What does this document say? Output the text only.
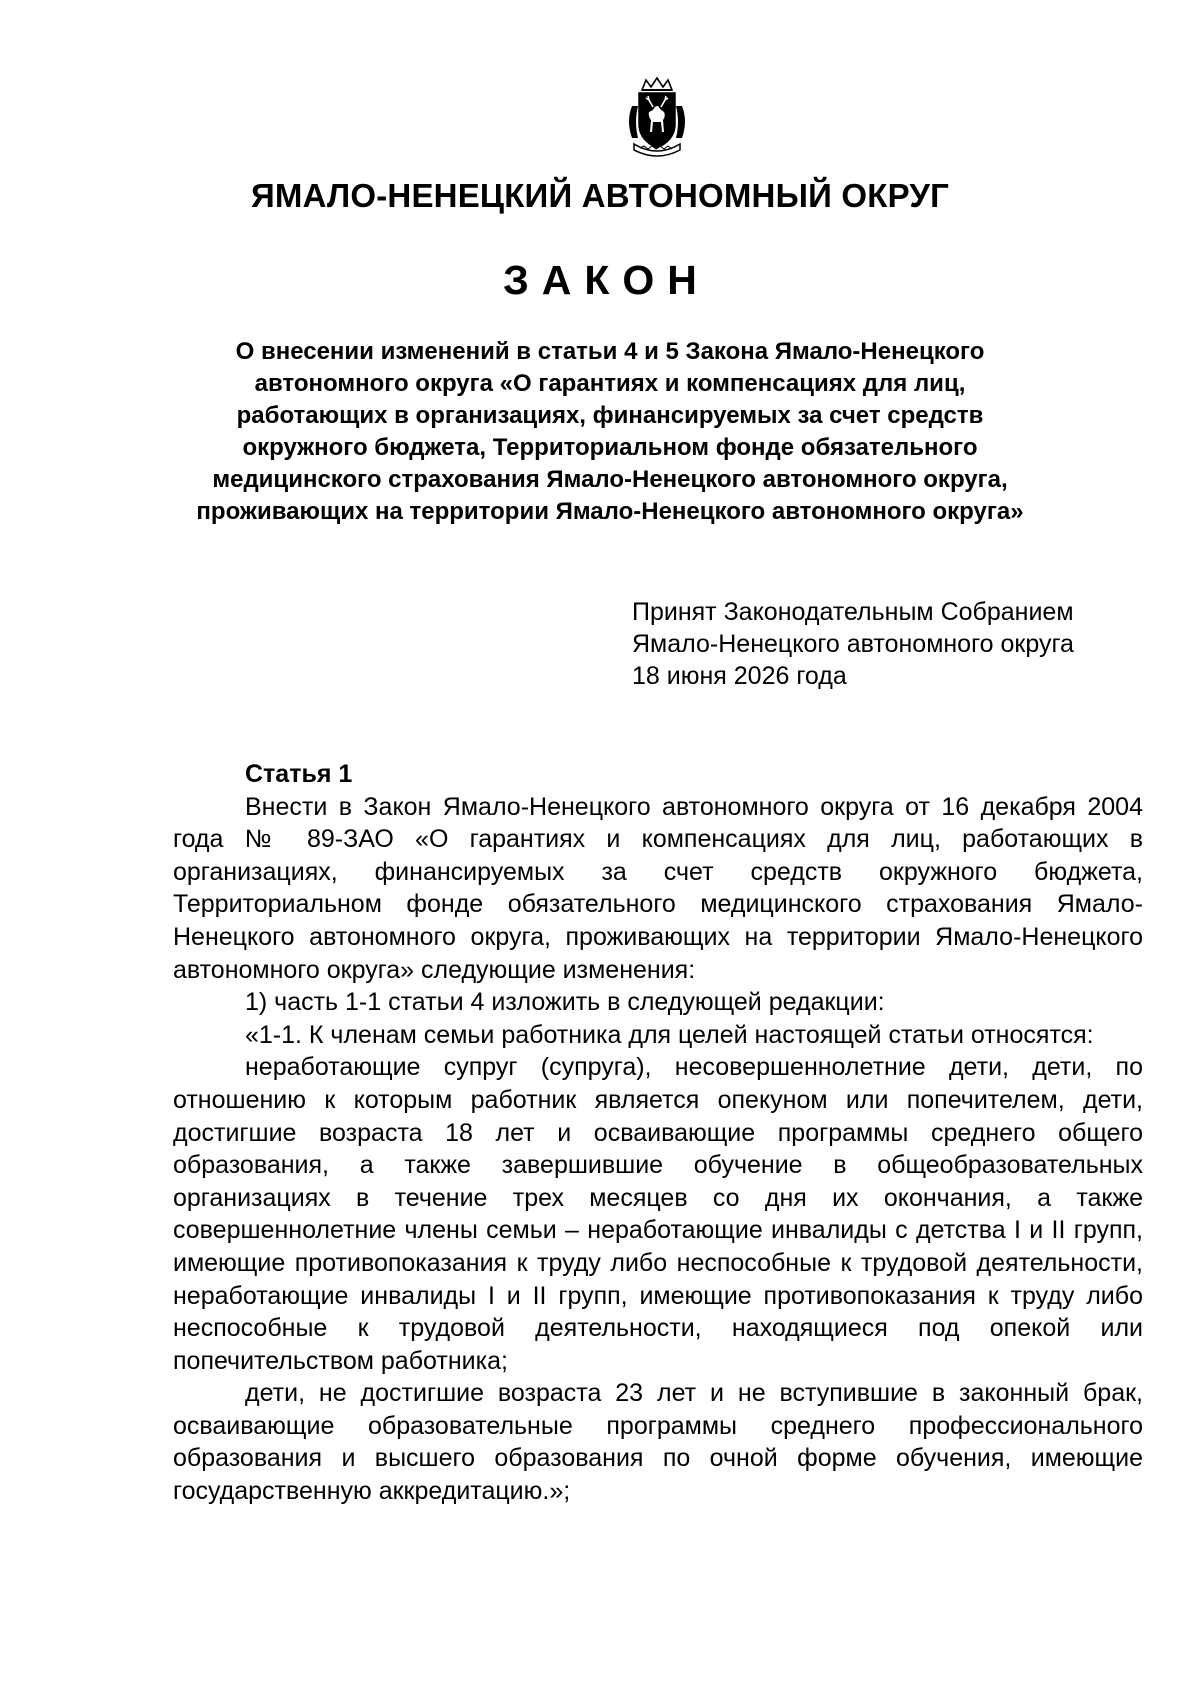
ЯМАЛО-НЕНЕЦКИЙ АВТОНОМНЫЙ ОКРУГ
ЗАКОН
О внесении изменений в статьи 4 и 5 Закона Ямало-Ненецкого
автономного округа «О гарантиях и компенсациях для лиц,
работающих в организациях, финансируемых за счет средств
окружного бюджета, Территориальном фонде обязательного
медицинского страхования Ямало-Ненецкого автономного округа,
проживающих на территории Ямало-Ненецкого автономного округа»
Принят Законодательным Собранием
Ямало-Ненецкого автономного округа
18 июня 2026 года

Статья 1

Внести в Закон Ямало-Ненецкого автономного округа от 16 декабря 2004 года № 89-ЗАО «О гарантиях и компенсациях для лиц, работающих в организациях, финансируемых за счет средств окружного бюджета, Территориальном фонде обязательного медицинского страхования Ямало-Ненецкого автономного округа, проживающих на территории Ямало-Ненецкого автономного округа» следующие изменения:

1) часть 1-1 статьи 4 изложить в следующей редакции:

«1-1. К членам семьи работника для целей настоящей статьи относятся:

неработающие супруг (супруга), несовершеннолетние дети, дети, по отношению к которым работник является опекуном или попечителем, дети, достигшие возраста 18 лет и осваивающие программы среднего общего образования, а также завершившие обучение в общеобразовательных организациях в течение трех месяцев со дня их окончания, а также совершеннолетние члены семьи – неработающие инвалиды с детства I и II групп, имеющие противопоказания к труду либо неспособные к трудовой деятельности, неработающие инвалиды I и II групп, имеющие противопоказания к труду либо неспособные к трудовой деятельности, находящиеся под опекой или попечительством работника;

дети, не достигшие возраста 23 лет и не вступившие в законный брак, осваивающие образовательные программы среднего профессионального образования и высшего образования по очной форме обучения, имеющие государственную аккредитацию.»;
